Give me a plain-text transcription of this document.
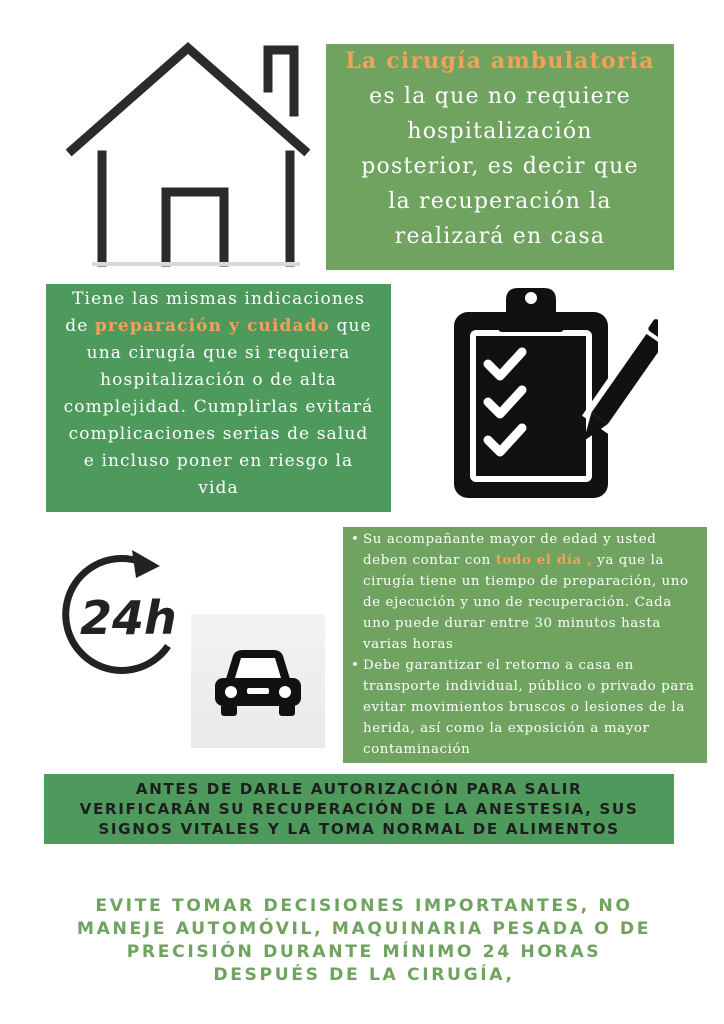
La cirugía ambulatoria
es la que no requiere
hospitalización
posterior, es decir que
la recuperación la
realizará en casa
Tiene las mismas indicaciones
de preparación y cuidado que
una cirugía que si requiera
hospitalización o de alta
complejidad. Cumplirlas evitará
complicaciones serias de salud
e incluso poner en riesgo la
vida
24h
• Su acompañante mayor de edad y usted deben contar con todo el día , ya que la cirugía tiene un tiempo de preparación, uno de ejecución y uno de recuperación. Cada uno puede durar entre 30 minutos hasta varias horas
• Debe garantizar el retorno a casa en transporte individual, público o privado para evitar movimientos bruscos o lesiones de la herida, así como la exposición a mayor contaminación
ANTES DE DARLE AUTORIZACIÓN PARA SALIR
VERIFICARÁN SU RECUPERACIÓN DE LA ANESTESIA, SUS
SIGNOS VITALES Y LA TOMA NORMAL DE ALIMENTOS
EVITE TOMAR DECISIONES IMPORTANTES, NO
MANEJE AUTOMÓVIL, MAQUINARIA PESADA O DE
PRECISIÓN DURANTE MÍNIMO 24 HORAS
DESPUÉS DE LA CIRUGÍA,
